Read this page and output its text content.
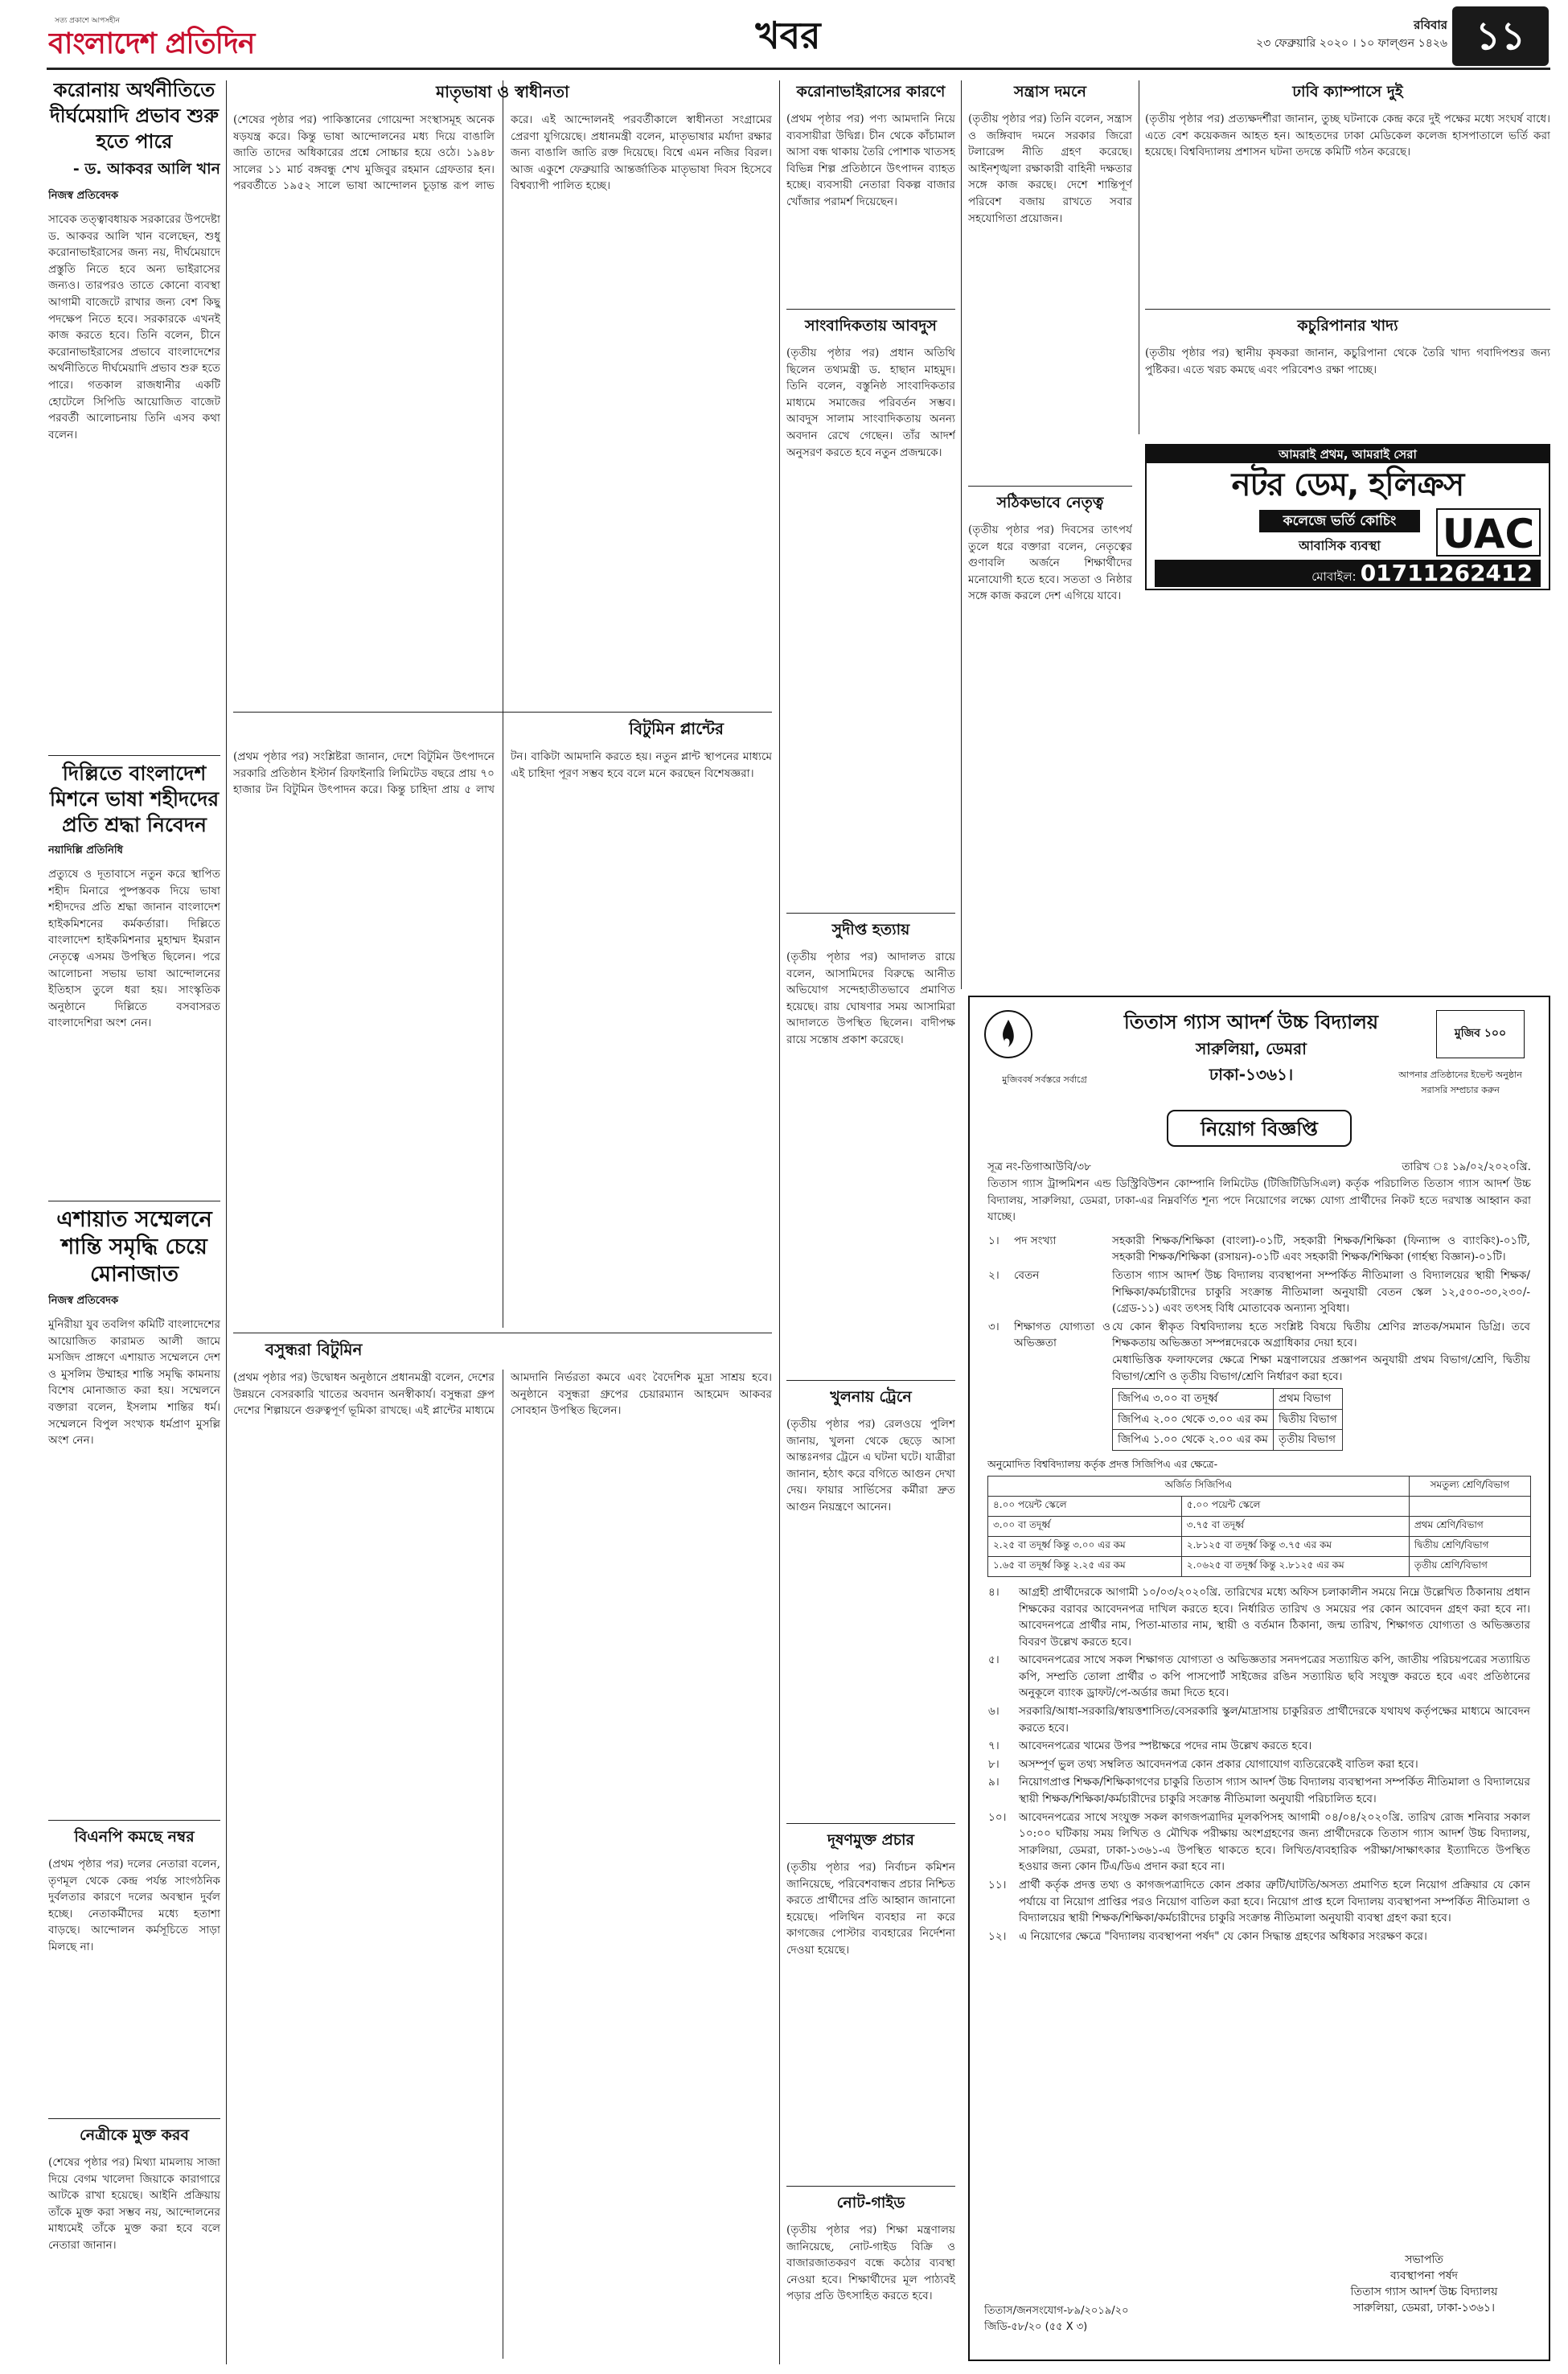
সত্য প্রকাশে আপসহীন
বাংলাদেশ প্রতিদিন	খবর	রবিবার
২৩ ফেব্রুয়ারি ২০২০ । ১০ ফাল্গুন ১৪২৬ ১১
করোনায় অর্থনীতিতে দীর্ঘমেয়াদি প্রভাব শুরু হতে পারে
- ড. আকবর আলি খান
নিজস্ব প্রতিবেদক
সাবেক তত্ত্বাবধায়ক সরকারের উপদেষ্টা ড. আকবর আলি খান বলেছেন, শুধু করোনাভাইরাসের জন্য নয়, দীর্ঘমেয়াদে প্রস্তুতি নিতে হবে অন্য ভাইরাসের জন্যও। তারপরও তাতে কোনো ব্যবস্থা আগামী বাজেটে রাখার জন্য বেশ কিছু পদক্ষেপ নিতে হবে। সরকারকে এখনই কাজ করতে হবে। তিনি বলেন, চীনে করোনাভাইরাসের প্রভাবে বাংলাদেশের অর্থনীতিতে দীর্ঘমেয়াদি প্রভাব শুরু হতে পারে। গতকাল রাজধানীর একটি হোটেলে সিপিডি আয়োজিত বাজেট পরবর্তী আলোচনায় তিনি এসব কথা বলেন।
দিল্লিতে বাংলাদেশ মিশনে ভাষা শহীদদের প্রতি শ্রদ্ধা নিবেদন
নয়াদিল্লি প্রতিনিধি
প্রত্যুষে ও দূতাবাসে নতুন করে স্থাপিত শহীদ মিনারে পুষ্পস্তবক দিয়ে ভাষা শহীদদের প্রতি শ্রদ্ধা জানান বাংলাদেশ হাইকমিশনের কর্মকর্তারা। দিল্লিতে বাংলাদেশ হাইকমিশনার মুহাম্মদ ইমরান নেতৃত্বে এসময় উপস্থিত ছিলেন। পরে আলোচনা সভায় ভাষা আন্দোলনের ইতিহাস তুলে ধরা হয়। সাংস্কৃতিক অনুষ্ঠানে দিল্লিতে বসবাসরত বাংলাদেশিরা অংশ নেন।
এশায়াত সম্মেলনে শান্তি সমৃদ্ধি চেয়ে মোনাজাত
নিজস্ব প্রতিবেদক
মুনিরীয়া যুব তবলিগ কমিটি বাংলাদেশের আয়োজিত কারামত আলী জামে মসজিদ প্রাঙ্গণে এশায়াত সম্মেলনে দেশ ও মুসলিম উম্মাহর শান্তি সমৃদ্ধি কামনায় বিশেষ মোনাজাত করা হয়। সম্মেলনে বক্তারা বলেন, ইসলাম শান্তির ধর্ম। সম্মেলনে বিপুল সংখ্যক ধর্মপ্রাণ মুসল্লি অংশ নেন।
বিএনপি কমছে নম্বর
(প্রথম পৃষ্ঠার পর) দলের নেতারা বলেন, তৃণমূল থেকে কেন্দ্র পর্যন্ত সাংগঠনিক দুর্বলতার কারণে দলের অবস্থান দুর্বল হচ্ছে। নেতাকর্মীদের মধ্যে হতাশা বাড়ছে। আন্দোলন কর্মসূচিতে সাড়া মিলছে না।
নেত্রীকে মুক্ত করব
(শেষের পৃষ্ঠার পর) মিথ্যা মামলায় সাজা দিয়ে বেগম খালেদা জিয়াকে কারাগারে আটকে রাখা হয়েছে। আইনি প্রক্রিয়ায় তাঁকে মুক্ত করা সম্ভব নয়, আন্দোলনের মাধ্যমেই তাঁকে মুক্ত করা হবে বলে নেতারা জানান।
মাতৃভাষা ও স্বাধীনতা
(শেষের পৃষ্ঠার পর) পাকিস্তানের গোয়েন্দা সংস্থাসমূহ অনেক ষড়যন্ত্র করে। কিন্তু ভাষা আন্দোলনের মধ্য দিয়ে বাঙালি জাতি তাদের অধিকারের প্রশ্নে সোচ্চার হয়ে ওঠে। ১৯৪৮ সালের ১১ মার্চ বঙ্গবন্ধু শেখ মুজিবুর রহমান গ্রেফতার হন। পরবর্তীতে ১৯৫২ সালে ভাষা আন্দোলন চূড়ান্ত রূপ লাভ করে। এই আন্দোলনই পরবর্তীকালে স্বাধীনতা সংগ্রামের প্রেরণা যুগিয়েছে। প্রধানমন্ত্রী বলেন, মাতৃভাষার মর্যাদা রক্ষার জন্য বাঙালি জাতি রক্ত দিয়েছে। বিশ্বে এমন নজির বিরল। আজ একুশে ফেব্রুয়ারি আন্তর্জাতিক মাতৃভাষা দিবস হিসেবে বিশ্বব্যাপী পালিত হচ্ছে।
বিটুমিন প্লান্টের
(প্রথম পৃষ্ঠার পর) সংশ্লিষ্টরা জানান, দেশে বিটুমিন উৎপাদনে সরকারি প্রতিষ্ঠান ইস্টার্ন রিফাইনারি লিমিটেড বছরে প্রায় ৭০ হাজার টন বিটুমিন উৎপাদন করে। কিন্তু চাহিদা প্রায় ৫ লাখ টন। বাকিটা আমদানি করতে হয়। নতুন প্লান্ট স্থাপনের মাধ্যমে এই চাহিদা পূরণ সম্ভব হবে বলে মনে করছেন বিশেষজ্ঞরা।
বসুন্ধরা বিটুমিন
(প্রথম পৃষ্ঠার পর) উদ্বোধন অনুষ্ঠানে প্রধানমন্ত্রী বলেন, দেশের উন্নয়নে বেসরকারি খাতের অবদান অনস্বীকার্য। বসুন্ধরা গ্রুপ দেশের শিল্পায়নে গুরুত্বপূর্ণ ভূমিকা রাখছে। এই প্লান্টের মাধ্যমে আমদানি নির্ভরতা কমবে এবং বৈদেশিক মুদ্রা সাশ্রয় হবে। অনুষ্ঠানে বসুন্ধরা গ্রুপের চেয়ারম্যান আহমেদ আকবর সোবহান উপস্থিত ছিলেন।
করোনাভাইরাসের কারণে
(প্রথম পৃষ্ঠার পর) পণ্য আমদানি নিয়ে ব্যবসায়ীরা উদ্বিগ্ন। চীন থেকে কাঁচামাল আসা বন্ধ থাকায় তৈরি পোশাক খাতসহ বিভিন্ন শিল্প প্রতিষ্ঠানে উৎপাদন ব্যাহত হচ্ছে। ব্যবসায়ী নেতারা বিকল্প বাজার খোঁজার পরামর্শ দিয়েছেন।
সাংবাদিকতায় আবদুস
(তৃতীয় পৃষ্ঠার পর) প্রধান অতিথি ছিলেন তথ্যমন্ত্রী ড. হাছান মাহমুদ। তিনি বলেন, বস্তুনিষ্ঠ সাংবাদিকতার মাধ্যমে সমাজের পরিবর্তন সম্ভব। আবদুস সালাম সাংবাদিকতায় অনন্য অবদান রেখে গেছেন। তাঁর আদর্শ অনুসরণ করতে হবে নতুন প্রজন্মকে।
সুদীপ্ত হত্যায়
(তৃতীয় পৃষ্ঠার পর) আদালত রায়ে বলেন, আসামিদের বিরুদ্ধে আনীত অভিযোগ সন্দেহাতীতভাবে প্রমাণিত হয়েছে। রায় ঘোষণার সময় আসামিরা আদালতে উপস্থিত ছিলেন। বাদীপক্ষ রায়ে সন্তোষ প্রকাশ করেছে।
খুলনায় ট্রেনে
(তৃতীয় পৃষ্ঠার পর) রেলওয়ে পুলিশ জানায়, খুলনা থেকে ছেড়ে আসা আন্তঃনগর ট্রেনে এ ঘটনা ঘটে। যাত্রীরা জানান, হঠাৎ করে বগিতে আগুন দেখা দেয়। ফায়ার সার্ভিসের কর্মীরা দ্রুত আগুন নিয়ন্ত্রণে আনেন।
দূষণমুক্ত প্রচার
(তৃতীয় পৃষ্ঠার পর) নির্বাচন কমিশন জানিয়েছে, পরিবেশবান্ধব প্রচার নিশ্চিত করতে প্রার্থীদের প্রতি আহ্বান জানানো হয়েছে। পলিথিন ব্যবহার না করে কাগজের পোস্টার ব্যবহারের নির্দেশনা দেওয়া হয়েছে।
নোট-গাইড
(তৃতীয় পৃষ্ঠার পর) শিক্ষা মন্ত্রণালয় জানিয়েছে, নোট-গাইড বিক্রি ও বাজারজাতকরণ বন্ধে কঠোর ব্যবস্থা নেওয়া হবে। শিক্ষার্থীদের মূল পাঠ্যবই পড়ার প্রতি উৎসাহিত করতে হবে।
সন্ত্রাস দমনে
(তৃতীয় পৃষ্ঠার পর) তিনি বলেন, সন্ত্রাস ও জঙ্গিবাদ দমনে সরকার জিরো টলারেন্স নীতি গ্রহণ করেছে। আইনশৃঙ্খলা রক্ষাকারী বাহিনী দক্ষতার সঙ্গে কাজ করছে। দেশে শান্তিপূর্ণ পরিবেশ বজায় রাখতে সবার সহযোগিতা প্রয়োজন।
সঠিকভাবে নেতৃত্ব
(তৃতীয় পৃষ্ঠার পর) দিবসের তাৎপর্য তুলে ধরে বক্তারা বলেন, নেতৃত্বের গুণাবলি অর্জনে শিক্ষার্থীদের মনোযোগী হতে হবে। সততা ও নিষ্ঠার সঙ্গে কাজ করলে দেশ এগিয়ে যাবে।
ঢাবি ক্যাম্পাসে দুই
(তৃতীয় পৃষ্ঠার পর) প্রত্যক্ষদর্শীরা জানান, তুচ্ছ ঘটনাকে কেন্দ্র করে দুই পক্ষের মধ্যে সংঘর্ষ বাধে। এতে বেশ কয়েকজন আহত হন। আহতদের ঢাকা মেডিকেল কলেজ হাসপাতালে ভর্তি করা হয়েছে। বিশ্ববিদ্যালয় প্রশাসন ঘটনা তদন্তে কমিটি গঠন করেছে।
কচুরিপানার খাদ্য
(তৃতীয় পৃষ্ঠার পর) স্থানীয় কৃষকরা জানান, কচুরিপানা থেকে তৈরি খাদ্য গবাদিপশুর জন্য পুষ্টিকর। এতে খরচ কমছে এবং পরিবেশও রক্ষা পাচ্ছে।
আমরাই প্রথম, আমরাই সেরা
নটর ডেম, হলিক্রস
কলেজে ভর্তি কোচিং
আবাসিক ব্যবস্থা	UAC
মোবাইল: 01711262412
মুজিববর্ষ সর্বস্তরে সর্বাগ্রে
তিতাস গ্যাস আদর্শ উচ্চ বিদ্যালয়
সারুলিয়া, ডেমরা
ঢাকা-১৩৬১।
মুজিব ১০০
আপনার প্রতিষ্ঠানের ইভেন্ট অনুষ্ঠান সরাসরি সম্প্রচার করুন
নিয়োগ বিজ্ঞপ্তি
সূত্র নং-তিগাআউবি/৩৮	তারিখ ঃ ১৯/০২/২০২০খ্রি.
তিতাস গ্যাস ট্রান্সমিশন এন্ড ডিস্ট্রিবিউশন কোম্পানি লিমিটেড (টিজিটিডিসিএল) কর্তৃক পরিচালিত তিতাস গ্যাস আদর্শ উচ্চ বিদ্যালয়, সারুলিয়া, ডেমরা, ঢাকা-এর নিম্নবর্ণিত শূন্য পদে নিয়োগের লক্ষ্যে যোগ্য প্রার্থীদের নিকট হতে দরখাস্ত আহ্বান করা যাচ্ছে।
১।	পদ সংখ্যা	সহকারী শিক্ষক/শিক্ষিকা (বাংলা)-০১টি, সহকারী শিক্ষক/শিক্ষিকা (ফিন্যান্স ও ব্যাংকিং)-০১টি, সহকারী শিক্ষক/শিক্ষিকা (রসায়ন)-০১টি এবং সহকারী শিক্ষক/শিক্ষিকা (গার্হস্থ্য বিজ্ঞান)-০১টি।
২।	বেতন	তিতাস গ্যাস আদর্শ উচ্চ বিদ্যালয় ব্যবস্থাপনা সম্পর্কিত নীতিমালা ও বিদ্যালয়ের স্থায়ী শিক্ষক/শিক্ষিকা/কর্মচারীদের চাকুরি সংক্রান্ত নীতিমালা অনুযায়ী বেতন স্কেল ১২,৫০০-৩০,২৩০/- (গ্রেড-১১) এবং তৎসহ বিধি মোতাবেক অন্যান্য সুবিধা।
৩।	শিক্ষাগত যোগ্যতা ও অভিজ্ঞতা	
যে কোন স্বীকৃত বিশ্ববিদ্যালয় হতে সংশ্লিষ্ট বিষয়ে দ্বিতীয় শ্রেণির স্নাতক/সমমান ডিগ্রি। তবে শিক্ষকতায় অভিজ্ঞতা সম্পন্নদেরকে অগ্রাধিকার দেয়া হবে।
মেধাভিত্তিক ফলাফলের ক্ষেত্রে শিক্ষা মন্ত্রণালয়ের প্রজ্ঞাপন অনুযায়ী প্রথম বিভাগ/শ্রেণি, দ্বিতীয় বিভাগ/শ্রেণি ও তৃতীয় বিভাগ/শ্রেণি নির্ধারণ করা হবে।
জিপিএ ৩.০০ বা তদূর্ধ্ব	প্রথম বিভাগ
জিপিএ ২.০০ থেকে ৩.০০ এর কম	দ্বিতীয় বিভাগ
জিপিএ ১.০০ থেকে ২.০০ এর কম	তৃতীয় বিভাগ
অনুমোদিত বিশ্ববিদ্যালয় কর্তৃক প্রদত্ত সিজিপিএ এর ক্ষেত্রে-
অর্জিত সিজিপিএ		সমতুল্য শ্রেণি/বিভাগ
৪.০০ পয়েন্ট স্কেলে	৫.০০ পয়েন্ট স্কেলে	
৩.০০ বা তদূর্ধ্ব	৩.৭৫ বা তদূর্ধ্ব	প্রথম শ্রেণি/বিভাগ
২.২৫ বা তদূর্ধ্ব কিন্তু ৩.০০ এর কম	২.৮১২৫ বা তদূর্ধ্ব কিন্তু ৩.৭৫ এর কম	দ্বিতীয় শ্রেণি/বিভাগ
১.৬৫ বা তদূর্ধ্ব কিন্তু ২.২৫ এর কম	২.০৬২৫ বা তদূর্ধ্ব কিন্তু ২.৮১২৫ এর কম	তৃতীয় শ্রেণি/বিভাগ
৪।	আগ্রহী প্রার্থীদেরকে আগামী ১০/০৩/২০২০খ্রি. তারিখের মধ্যে অফিস চলাকালীন সময়ে নিম্নে উল্লেখিত ঠিকানায় প্রধান শিক্ষকের বরাবর আবেদনপত্র দাখিল করতে হবে। নির্ধারিত তারিখ ও সময়ের পর কোন আবেদন গ্রহণ করা হবে না। আবেদনপত্রে প্রার্থীর নাম, পিতা-মাতার নাম, স্থায়ী ও বর্তমান ঠিকানা, জন্ম তারিখ, শিক্ষাগত যোগ্যতা ও অভিজ্ঞতার বিবরণ উল্লেখ করতে হবে।
৫।	আবেদনপত্রের সাথে সকল শিক্ষাগত যোগ্যতা ও অভিজ্ঞতার সনদপত্রের সত্যায়িত কপি, জাতীয় পরিচয়পত্রের সত্যায়িত কপি, সম্প্রতি তোলা প্রার্থীর ৩ কপি পাসপোর্ট সাইজের রঙিন সত্যায়িত ছবি সংযুক্ত করতে হবে এবং প্রতিষ্ঠানের অনুকূলে ব্যাংক ড্রাফট/পে-অর্ডার জমা দিতে হবে।
৬।	সরকারি/আধা-সরকারি/স্বায়ত্তশাসিত/বেসরকারি স্কুল/মাদ্রাসায় চাকুরিরত প্রার্থীদেরকে যথাযথ কর্তৃপক্ষের মাধ্যমে আবেদন করতে হবে।
৭।	আবেদনপত্রের খামের উপর স্পষ্টাক্ষরে পদের নাম উল্লেখ করতে হবে।
৮।	অসম্পূর্ণ ভুল তথ্য সম্বলিত আবেদনপত্র কোন প্রকার যোগাযোগ ব্যতিরেকেই বাতিল করা হবে।
৯।	নিয়োগপ্রাপ্ত শিক্ষক/শিক্ষিকাগণের চাকুরি তিতাস গ্যাস আদর্শ উচ্চ বিদ্যালয় ব্যবস্থাপনা সম্পর্কিত নীতিমালা ও বিদ্যালয়ের স্থায়ী শিক্ষক/শিক্ষিকা/কর্মচারীদের চাকুরি সংক্রান্ত নীতিমালা অনুযায়ী পরিচালিত হবে।
১০।	আবেদনপত্রের সাথে সংযুক্ত সকল কাগজপত্রাদির মূলকপিসহ আগামী ০৪/০৪/২০২০খ্রি. তারিখ রোজ শনিবার সকাল ১০:০০ ঘটিকায় সময় লিখিত ও মৌখিক পরীক্ষায় অংশগ্রহণের জন্য প্রার্থীদেরকে তিতাস গ্যাস আদর্শ উচ্চ বিদ্যালয়, সারুলিয়া, ডেমরা, ঢাকা-১৩৬১-এ উপস্থিত থাকতে হবে। লিখিত/ব্যবহারিক পরীক্ষা/সাক্ষাৎকার ইত্যাদিতে উপস্থিত হওয়ার জন্য কোন টিএ/ডিএ প্রদান করা হবে না।
১১।	প্রার্থী কর্তৃক প্রদত্ত তথ্য ও কাগজপত্রাদিতে কোন প্রকার ত্রুটি/ঘাটতি/অসত্য প্রমাণিত হলে নিয়োগ প্রক্রিয়ার যে কোন পর্যায়ে বা নিয়োগ প্রাপ্তির পরও নিয়োগ বাতিল করা হবে। নিয়োগ প্রাপ্ত হলে বিদ্যালয় ব্যবস্থাপনা সম্পর্কিত নীতিমালা ও বিদ্যালয়ের স্থায়ী শিক্ষক/শিক্ষিকা/কর্মচারীদের চাকুরি সংক্রান্ত নীতিমালা অনুযায়ী ব্যবস্থা গ্রহণ করা হবে।
১২।	এ নিয়োগের ক্ষেত্রে "বিদ্যালয় ব্যবস্থাপনা পর্ষদ" যে কোন সিদ্ধান্ত গ্রহণের অধিকার সংরক্ষণ করে।
সভাপতি
ব্যবস্থাপনা পর্ষদ
তিতাস গ্যাস আদর্শ উচ্চ বিদ্যালয়
সারুলিয়া, ডেমরা, ঢাকা-১৩৬১।
তিতাস/জনসংযোগ-৮৯/২০১৯/২০
জিডি-৫৮/২০ (৫৫ X ৩)
